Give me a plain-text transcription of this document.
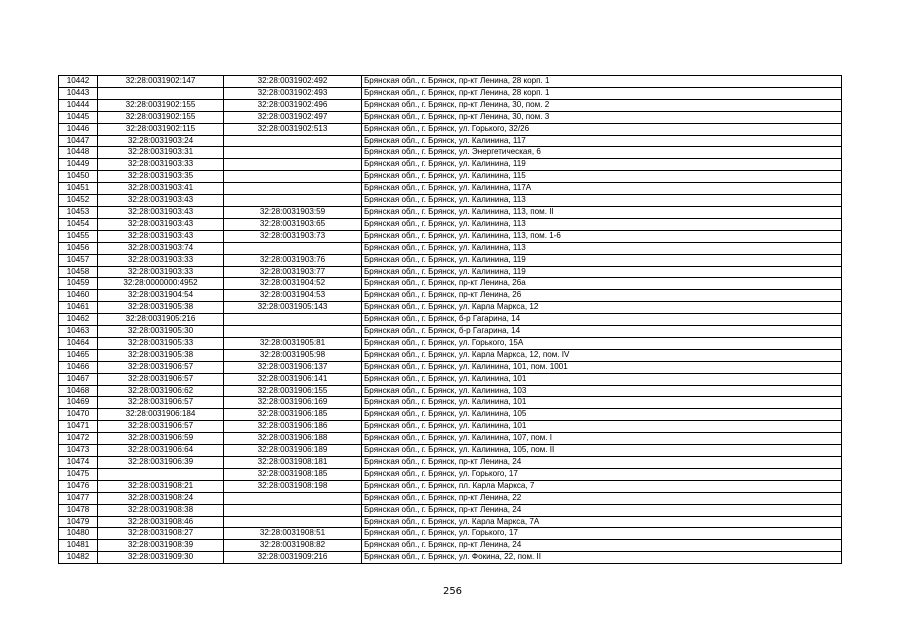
10442	32:28:0031902:147	32:28:0031902:492	Брянская обл., г. Брянск, пр-кт Ленина, 28 корп. 1
10443		32:28:0031902:493	Брянская обл., г. Брянск, пр-кт Ленина, 28 корп. 1
10444	32:28:0031902:155	32:28:0031902:496	Брянская обл., г. Брянск, пр-кт Ленина, 30, пом. 2
10445	32:28:0031902:155	32:28:0031902:497	Брянская обл., г. Брянск, пр-кт Ленина, 30, пом. 3
10446	32:28:0031902:115	32:28:0031902:513	Брянская обл., г. Брянск, ул. Горького, 32/26
10447	32:28:0031903:24		Брянская обл., г. Брянск, ул. Калинина, 117
10448	32:28:0031903:31		Брянская обл., г. Брянск, ул. Энергетическая, 6
10449	32:28:0031903:33		Брянская обл., г. Брянск, ул. Калинина, 119
10450	32:28:0031903:35		Брянская обл., г. Брянск, ул. Калинина, 115
10451	32:28:0031903:41		Брянская обл., г. Брянск, ул. Калинина, 117А
10452	32:28:0031903:43		Брянская обл., г. Брянск, ул. Калинина, 113
10453	32:28:0031903:43	32:28:0031903:59	Брянская обл., г. Брянск, ул. Калинина, 113, пом. II
10454	32:28:0031903:43	32:28:0031903:65	Брянская обл., г. Брянск, ул. Калинина, 113
10455	32:28:0031903:43	32:28:0031903:73	Брянская обл., г. Брянск, ул. Калинина, 113, пом. 1-6
10456	32:28:0031903:74		Брянская обл., г. Брянск, ул. Калинина, 113
10457	32:28:0031903:33	32:28:0031903:76	Брянская обл., г. Брянск, ул. Калинина, 119
10458	32:28:0031903:33	32:28:0031903:77	Брянская обл., г. Брянск, ул. Калинина, 119
10459	32:28:0000000:4952	32:28:0031904:52	Брянская обл., г. Брянск, пр-кт Ленина, 26а
10460	32:28:0031904:54	32:28:0031904:53	Брянская обл., г. Брянск, пр-кт Ленина, 26
10461	32:28:0031905:38	32:28:0031905:143	Брянская обл., г. Брянск, ул. Карла Маркса, 12
10462	32:28:0031905:216		Брянская обл., г. Брянск, б-р Гагарина, 14
10463	32:28:0031905:30		Брянская обл., г. Брянск, б-р Гагарина, 14
10464	32:28:0031905:33	32:28:0031905:81	Брянская обл., г. Брянск, ул. Горького, 15А
10465	32:28:0031905:38	32:28:0031905:98	Брянская обл., г. Брянск, ул. Карла Маркса, 12, пом. IV
10466	32:28:0031906:57	32:28:0031906:137	Брянская обл., г. Брянск, ул. Калинина, 101, пом. 1001
10467	32:28:0031906:57	32:28:0031906:141	Брянская обл., г. Брянск, ул. Калинина, 101
10468	32:28:0031906:62	32:28:0031906:155	Брянская обл., г. Брянск, ул. Калинина, 103
10469	32:28:0031906:57	32:28:0031906:169	Брянская обл., г. Брянск, ул. Калинина, 101
10470	32:28:0031906:184	32:28:0031906:185	Брянская обл., г. Брянск, ул. Калинина, 105
10471	32:28:0031906:57	32:28:0031906:186	Брянская обл., г. Брянск, ул. Калинина, 101
10472	32:28:0031906:59	32:28:0031906:188	Брянская обл., г. Брянск, ул. Калинина, 107, пом. I
10473	32:28:0031906:64	32:28:0031906:189	Брянская обл., г. Брянск, ул. Калинина, 105, пом. II
10474	32:28:0031906:39	32:28:0031908:181	Брянская обл., г. Брянск, пр-кт Ленина, 24
10475		32:28:0031908:185	Брянская обл., г. Брянск, ул. Горького, 17
10476	32:28:0031908:21	32:28:0031908:198	Брянская обл., г. Брянск, пл. Карла Маркса, 7
10477	32:28:0031908:24		Брянская обл., г. Брянск, пр-кт Ленина, 22
10478	32:28:0031908:38		Брянская обл., г. Брянск, пр-кт Ленина, 24
10479	32:28:0031908:46		Брянская обл., г. Брянск, ул. Карла Маркса, 7А
10480	32:28:0031908:27	32:28:0031908:51	Брянская обл., г. Брянск, ул. Горького, 17
10481	32:28:0031908:39	32:28:0031908:82	Брянская обл., г. Брянск, пр-кт Ленина, 24
10482	32:28:0031909:30	32:28:0031909:216	Брянская обл., г. Брянск, ул. Фокина, 22, пом. II
256
